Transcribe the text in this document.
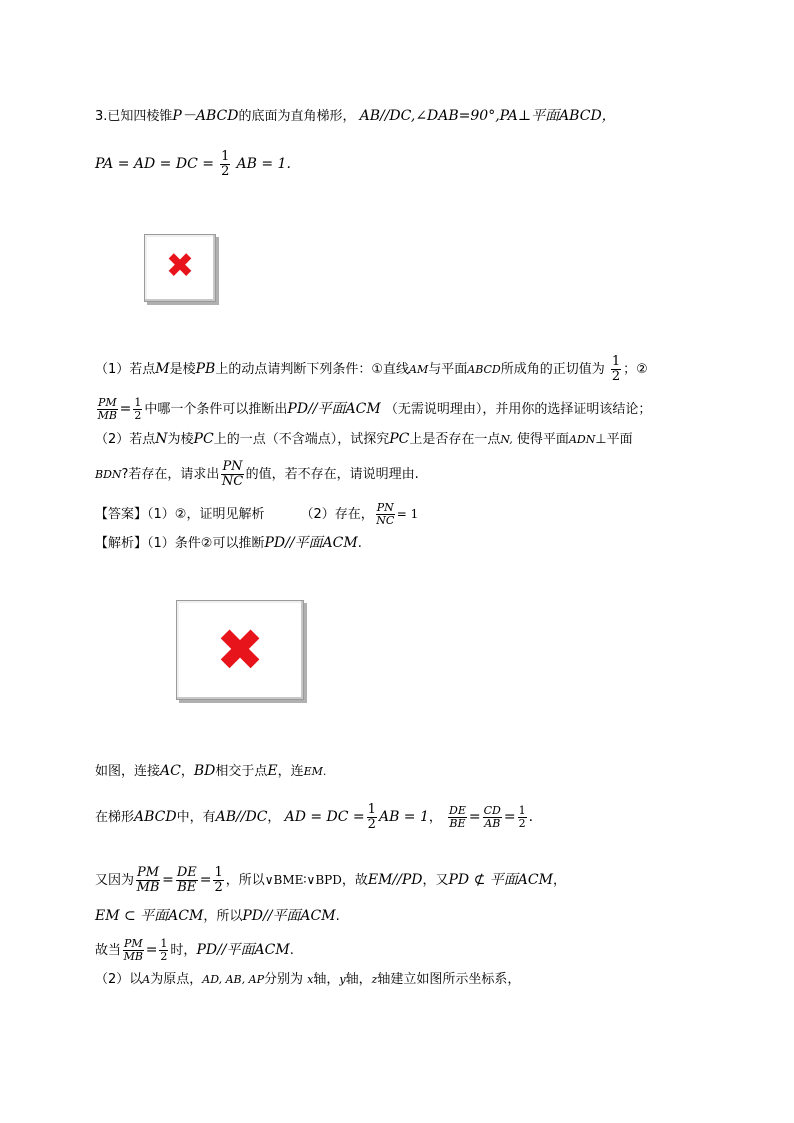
3.已知四棱锥P－ABCD的底面为直角梯形， AB//DC,∠DAB=90°,PA⊥平面ABCD，
PA = AD = DC = $\frac{1}{2}$ AB = 1.
✖
（1）若点M是棱PB上的动点请判断下列条件：①直线AM与平面ABCD所成角的正切值为 $\frac{1}{2}$ ；②
$\frac{PM}{MB} = \frac{1}{2}$ 中哪一个条件可以推断出PD//平面ACM （无需说明理由），并用你的选择证明该结论；
（2）若点N为棱PC上的一点（不含端点），试探究PC上是否存在一点N, 使得平面ADN⊥平面
BDN?若存在，请求出 $\frac{PN}{NC}$ 的值，若不存在，请说明理由.
【答案】（1）②，证明见解析	（2）存在， $\frac{PN}{NC} = 1$
【解析】（1）条件②可以推断PD//平面ACM.
✖
如图，连接AC，BD相交于点E，连EM.
在梯形ABCD中，有AB//DC， AD = DC = $\frac{1}{2}$ AB = 1， $\frac{DE}{BE} = \frac{CD}{AB} = \frac{1}{2}$ .
又因为 $\frac{PM}{MB} = \frac{DE}{BE} = \frac{1}{2}$ ，所以∨BME∶∨BPD，故EM//PD，又PD ⊄ 平面ACM，
EM ⊂ 平面ACM，所以PD//平面ACM.
故当 $\frac{PM}{MB} = \frac{1}{2}$ 时，PD//平面ACM.
（2）以A为原点，AD, AB, AP分别为 x轴，y轴，z轴建立如图所示坐标系，
